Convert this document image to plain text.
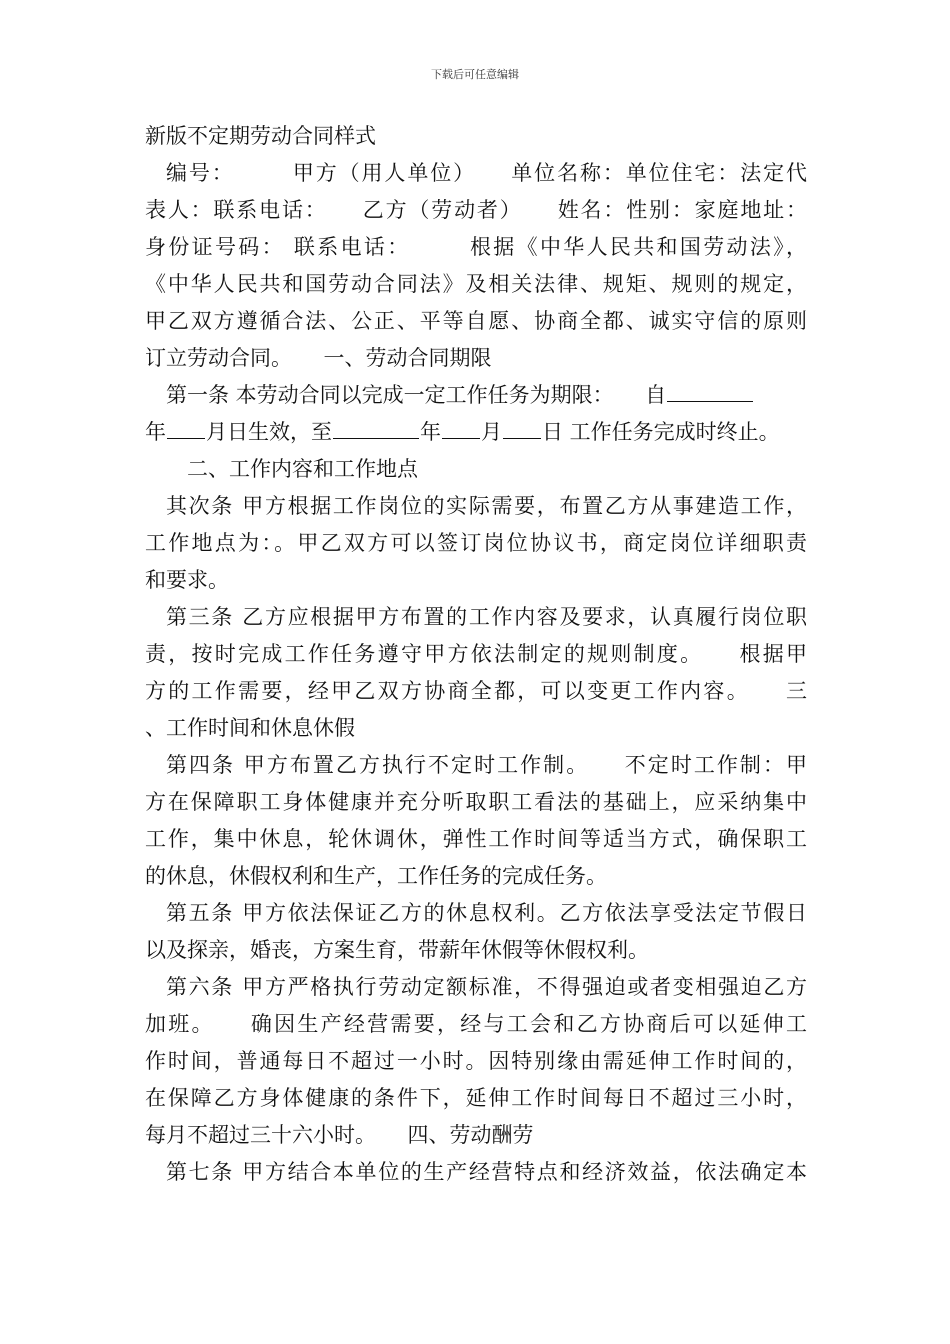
下载后可任意编辑
新版不定期劳动合同样式
编号：　　　甲方（用人单位）　　单位名称：单位住宅：法定代
表人：联系电话：　　乙方（劳动者）　　姓名：性别：家庭地址：
身份证号码： 联系电话：　　　根据《中华人民共和国劳动法》，
《中华人民共和国劳动合同法》及相关法律、规矩、规则的规定，
甲乙双方遵循合法、公正、平等自愿、协商全都、诚实守信的原则
订立劳动合同。　　一、劳动合同期限
第一条 本劳动合同以完成一定工作任务为期限：　　自
年 月日生效，至	年 月 日 工作任务完成时终止。
二、工作内容和工作地点
其次条 甲方根据工作岗位的实际需要，布置乙方从事建造工作，
工作地点为：。甲乙双方可以签订岗位协议书，商定岗位详细职责
和要求。
第三条 乙方应根据甲方布置的工作内容及要求，认真履行岗位职
责，按时完成工作任务遵守甲方依法制定的规则制度。　　根据甲
方的工作需要，经甲乙双方协商全都，可以变更工作内容。　　三
、工作时间和休息休假
第四条 甲方布置乙方执行不定时工作制。　　不定时工作制：甲
方在保障职工身体健康并充分听取职工看法的基础上，应采纳集中
工作，集中休息，轮休调休，弹性工作时间等适当方式，确保职工
的休息，休假权利和生产，工作任务的完成任务。
第五条 甲方依法保证乙方的休息权利。乙方依法享受法定节假日
以及探亲，婚丧，方案生育，带薪年休假等休假权利。
第六条 甲方严格执行劳动定额标准，不得强迫或者变相强迫乙方
加班。　　确因生产经营需要，经与工会和乙方协商后可以延伸工
作时间，普通每日不超过一小时。因特别缘由需延伸工作时间的，
在保障乙方身体健康的条件下，延伸工作时间每日不超过三小时，
每月不超过三十六小时。　　四、劳动酬劳
第七条 甲方结合本单位的生产经营特点和经济效益，依法确定本
